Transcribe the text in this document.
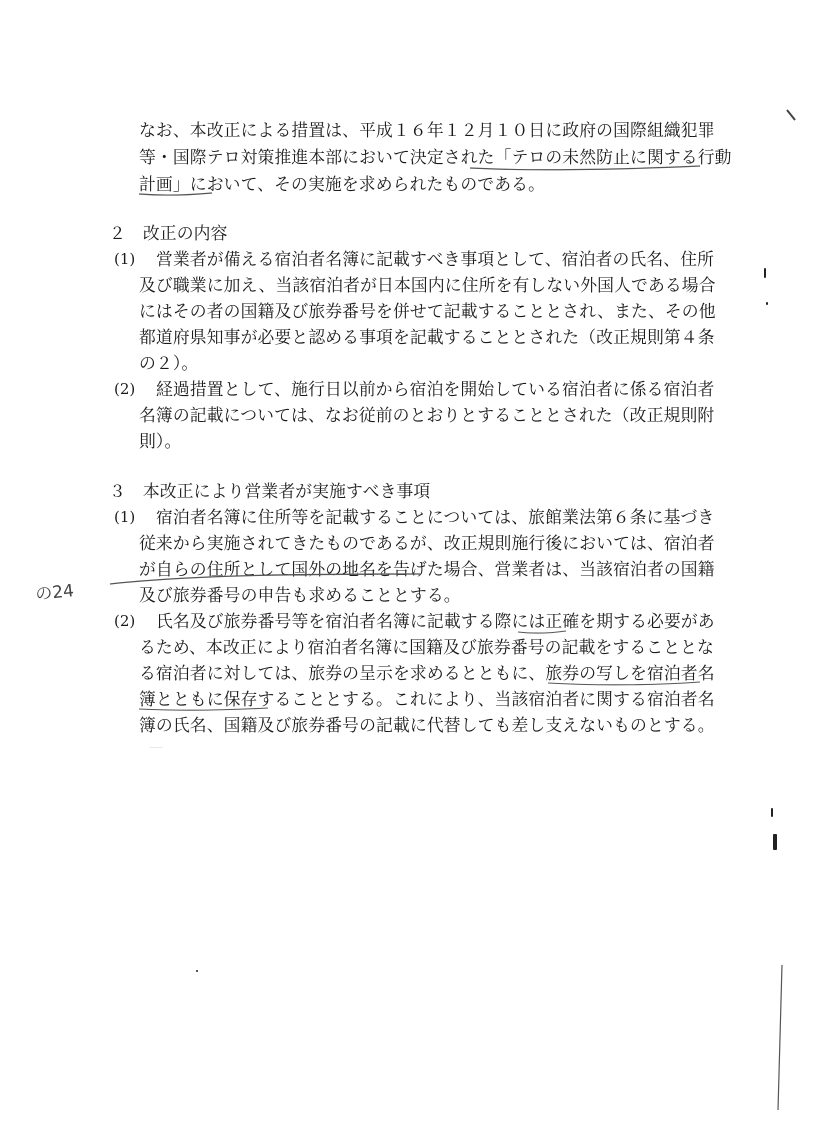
―
なお、本改正による措置は、平成１６年１２月１０日に政府の国際組織犯罪
等・国際テロ対策推進本部において決定された「テロの未然防止に関する行動
計画」において、その実施を求められたものである。
２　改正の内容
(1) 営業者が備える宿泊者名簿に記載すべき事項として、宿泊者の氏名、住所
及び職業に加え、当該宿泊者が日本国内に住所を有しない外国人である場合
にはその者の国籍及び旅券番号を併せて記載することとされ、また、その他
都道府県知事が必要と認める事項を記載することとされた（改正規則第４条
の２）。
(2) 経過措置として、施行日以前から宿泊を開始している宿泊者に係る宿泊者
名簿の記載については、なお従前のとおりとすることとされた（改正規則附
則）。
３　本改正により営業者が実施すべき事項
(1) 宿泊者名簿に住所等を記載することについては、旅館業法第６条に基づき
従来から実施されてきたものであるが、改正規則施行後においては、宿泊者
が自らの住所として国外の地名を告げた場合、営業者は、当該宿泊者の国籍
及び旅券番号の申告も求めることとする。
(2) 氏名及び旅券番号等を宿泊者名簿に記載する際には正確を期する必要があ
るため、本改正により宿泊者名簿に国籍及び旅券番号の記載をすることとな
る宿泊者に対しては、旅券の呈示を求めるとともに、旅券の写しを宿泊者名
簿とともに保存することとする。これにより、当該宿泊者に関する宿泊者名
簿の氏名、国籍及び旅券番号の記載に代替しても差し支えないものとする。
の24
